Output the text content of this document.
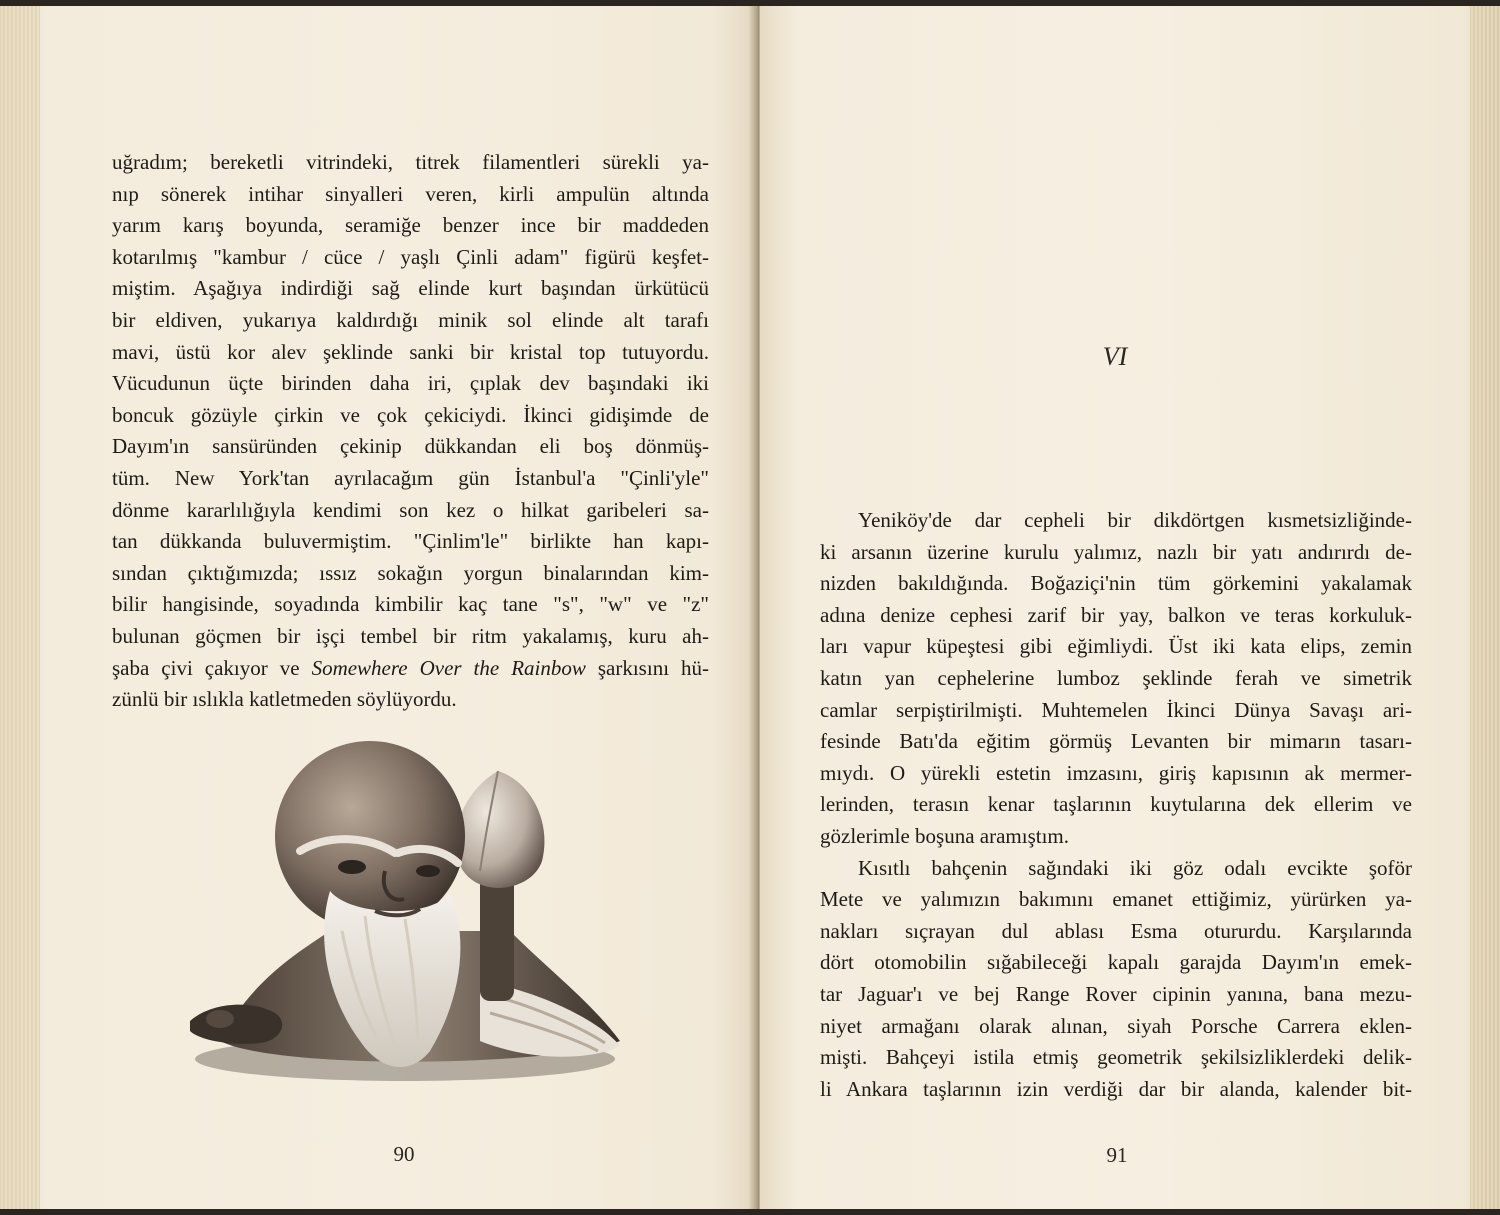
uğradım; bereketli vitrindeki, titrek filamentleri sürekli ya-
nıp sönerek intihar sinyalleri veren, kirli ampulün altında
yarım karış boyunda, seramiğe benzer ince bir maddeden
kotarılmış "kambur / cüce / yaşlı Çinli adam" figürü keşfet-
miştim. Aşağıya indirdiği sağ elinde kurt başından ürkütücü
bir eldiven, yukarıya kaldırdığı minik sol elinde alt tarafı
mavi, üstü kor alev şeklinde sanki bir kristal top tutuyordu.
Vücudunun üçte birinden daha iri, çıplak dev başındaki iki
boncuk gözüyle çirkin ve çok çekiciydi. İkinci gidişimde de
Dayım'ın sansüründen çekinip dükkandan eli boş dönmüş-
tüm. New York'tan ayrılacağım gün İstanbul'a "Çinli'yle"
dönme kararlılığıyla kendimi son kez o hilkat garibeleri sa-
tan dükkanda buluvermiştim. "Çinlim'le" birlikte han kapı-
sından çıktığımızda; ıssız sokağın yorgun binalarından kim-
bilir hangisinde, soyadında kimbilir kaç tane "s", "w" ve "z"
bulunan göçmen bir işçi tembel bir ritm yakalamış, kuru ah-
şaba çivi çakıyor ve Somewhere Over the Rainbow şarkısını hü-
zünlü bir ıslıkla katletmeden söylüyordu.
90
VI
Yeniköy'de dar cepheli bir dikdörtgen kısmetsizliğinde-
ki arsanın üzerine kurulu yalımız, nazlı bir yatı andırırdı de-
nizden bakıldığında. Boğaziçi'nin tüm görkemini yakalamak
adına denize cephesi zarif bir yay, balkon ve teras korkuluk-
ları vapur küpeştesi gibi eğimliydi. Üst iki kata elips, zemin
katın yan cephelerine lumboz şeklinde ferah ve simetrik
camlar serpiştirilmişti. Muhtemelen İkinci Dünya Savaşı ari-
fesinde Batı'da eğitim görmüş Levanten bir mimarın tasarı-
mıydı. O yürekli estetin imzasını, giriş kapısının ak mermer-
lerinden, terasın kenar taşlarının kuytularına dek ellerim ve
gözlerimle boşuna aramıştım.
Kısıtlı bahçenin sağındaki iki göz odalı evcikte şoför
Mete ve yalımızın bakımını emanet ettiğimiz, yürürken ya-
nakları sıçrayan dul ablası Esma otururdu. Karşılarında
dört otomobilin sığabileceği kapalı garajda Dayım'ın emek-
tar Jaguar'ı ve bej Range Rover cipinin yanına, bana mezu-
niyet armağanı olarak alınan, siyah Porsche Carrera eklen-
mişti. Bahçeyi istila etmiş geometrik şekilsizliklerdeki delik-
li Ankara taşlarının izin verdiği dar bir alanda, kalender bit-
91
